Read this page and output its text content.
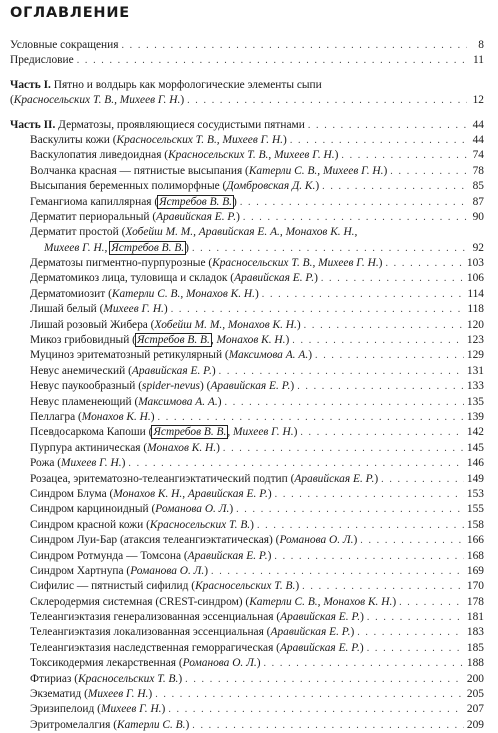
ОГЛАВЛЕНИЕ
Условные сокращения . . .	8
Предисловие . . .	11
Часть I. Пятно и волдырь как морфологические элементы сыпи
(Красносельских Т. В., Михеев Г. Н.) . . .	12
Часть II. Дерматозы, проявляющиеся сосудистыми пятнами . . .	44
Васкулиты кожи (Красносельских Т. В., Михеев Г. Н.) . . .	44
Васкулопатия ливедоидная (Красносельских Т. В., Михеев Г. Н.) . . .	74
Волчанка красная — пятнистые высыпания (Катерли С. В., Михеев Г. Н.) . . .	78
Высыпания беременных полиморфные (Домбровская Д. К.) . . .	85
Гемангиома капиллярная (Ястребов В. В.) . . .	87
Дерматит периоральный (Аравийская Е. Р.) . . .	90
Дерматит простой (Хобейш М. М., Аравийская Е. А., Монахов К. Н.,
Михеев Г. Н., Ястребов В. В.) . . .	92
Дерматозы пигментно-пурпурозные (Красносельских Т. В., Михеев Г. Н.) . . .	103
Дерматомикоз лица, туловища и складок (Аравийская Е. Р.) . . .	106
Дерматомиозит (Катерли С. В., Монахов К. Н.) . . .	114
Лишай белый (Михеев Г. Н.) . . .	118
Лишай розовый Жибера (Хобейш М. М., Монахов К. Н.) . . .	120
Микоз грибовидный (Ястребов В. В., Монахов К. Н.) . . .	123
Муциноз эритематозный ретикулярный (Максимова А. А.) . . .	129
Невус анемический (Аравийская Е. Р.) . . .	131
Невус паукообразный (spider-nevus) (Аравийская Е. Р.) . . .	133
Невус пламенеющий (Максимова А. А.) . . .	135
Пеллагра (Монахов К. Н.) . . .	139
Псевдосаркома Капоши (Ястребов В. В., Михеев Г. Н.) . . .	142
Пурпура актиническая (Монахов К. Н.) . . .	145
Рожа (Михеев Г. Н.) . . .	146
Розацеа, эритематозно-телеангиэктатический подтип (Аравийская Е. Р.) . . .	149
Синдром Блума (Монахов К. Н., Аравийская Е. Р.) . . .	153
Синдром карциноидный (Романова О. Л.) . . .	155
Синдром красной кожи (Красносельских Т. В.) . . .	158
Синдром Луи-Бар (атаксия телеангиэктатическая) (Романова О. Л.) . . .	166
Синдром Ротмунда — Томсона (Аравийская Е. Р.) . . .	168
Синдром Хартнупа (Романова О. Л.) . . .	169
Сифилис — пятнистый сифилид (Красносельских Т. В.) . . .	170
Склеродермия системная (CREST-синдром) (Катерли С. В., Монахов К. Н.) . . .	178
Телеангиэктазия генерализованная эссенциальная (Аравийская Е. Р.) . . .	181
Телеангиэктазия локализованная эссенциальная (Аравийская Е. Р.) . . .	183
Телеангиэктазия наследственная геморрагическая (Аравийская Е. Р.) . . .	185
Токсикодермия лекарственная (Романова О. Л.) . . .	188
Фтириаз (Красносельских Т. В.) . . .	200
Экзематид (Михеев Г. Н.) . . .	205
Эризипелоид (Михеев Г. Н.) . . .	207
Эритромелалгия (Катерли С. В.) . . .	209
